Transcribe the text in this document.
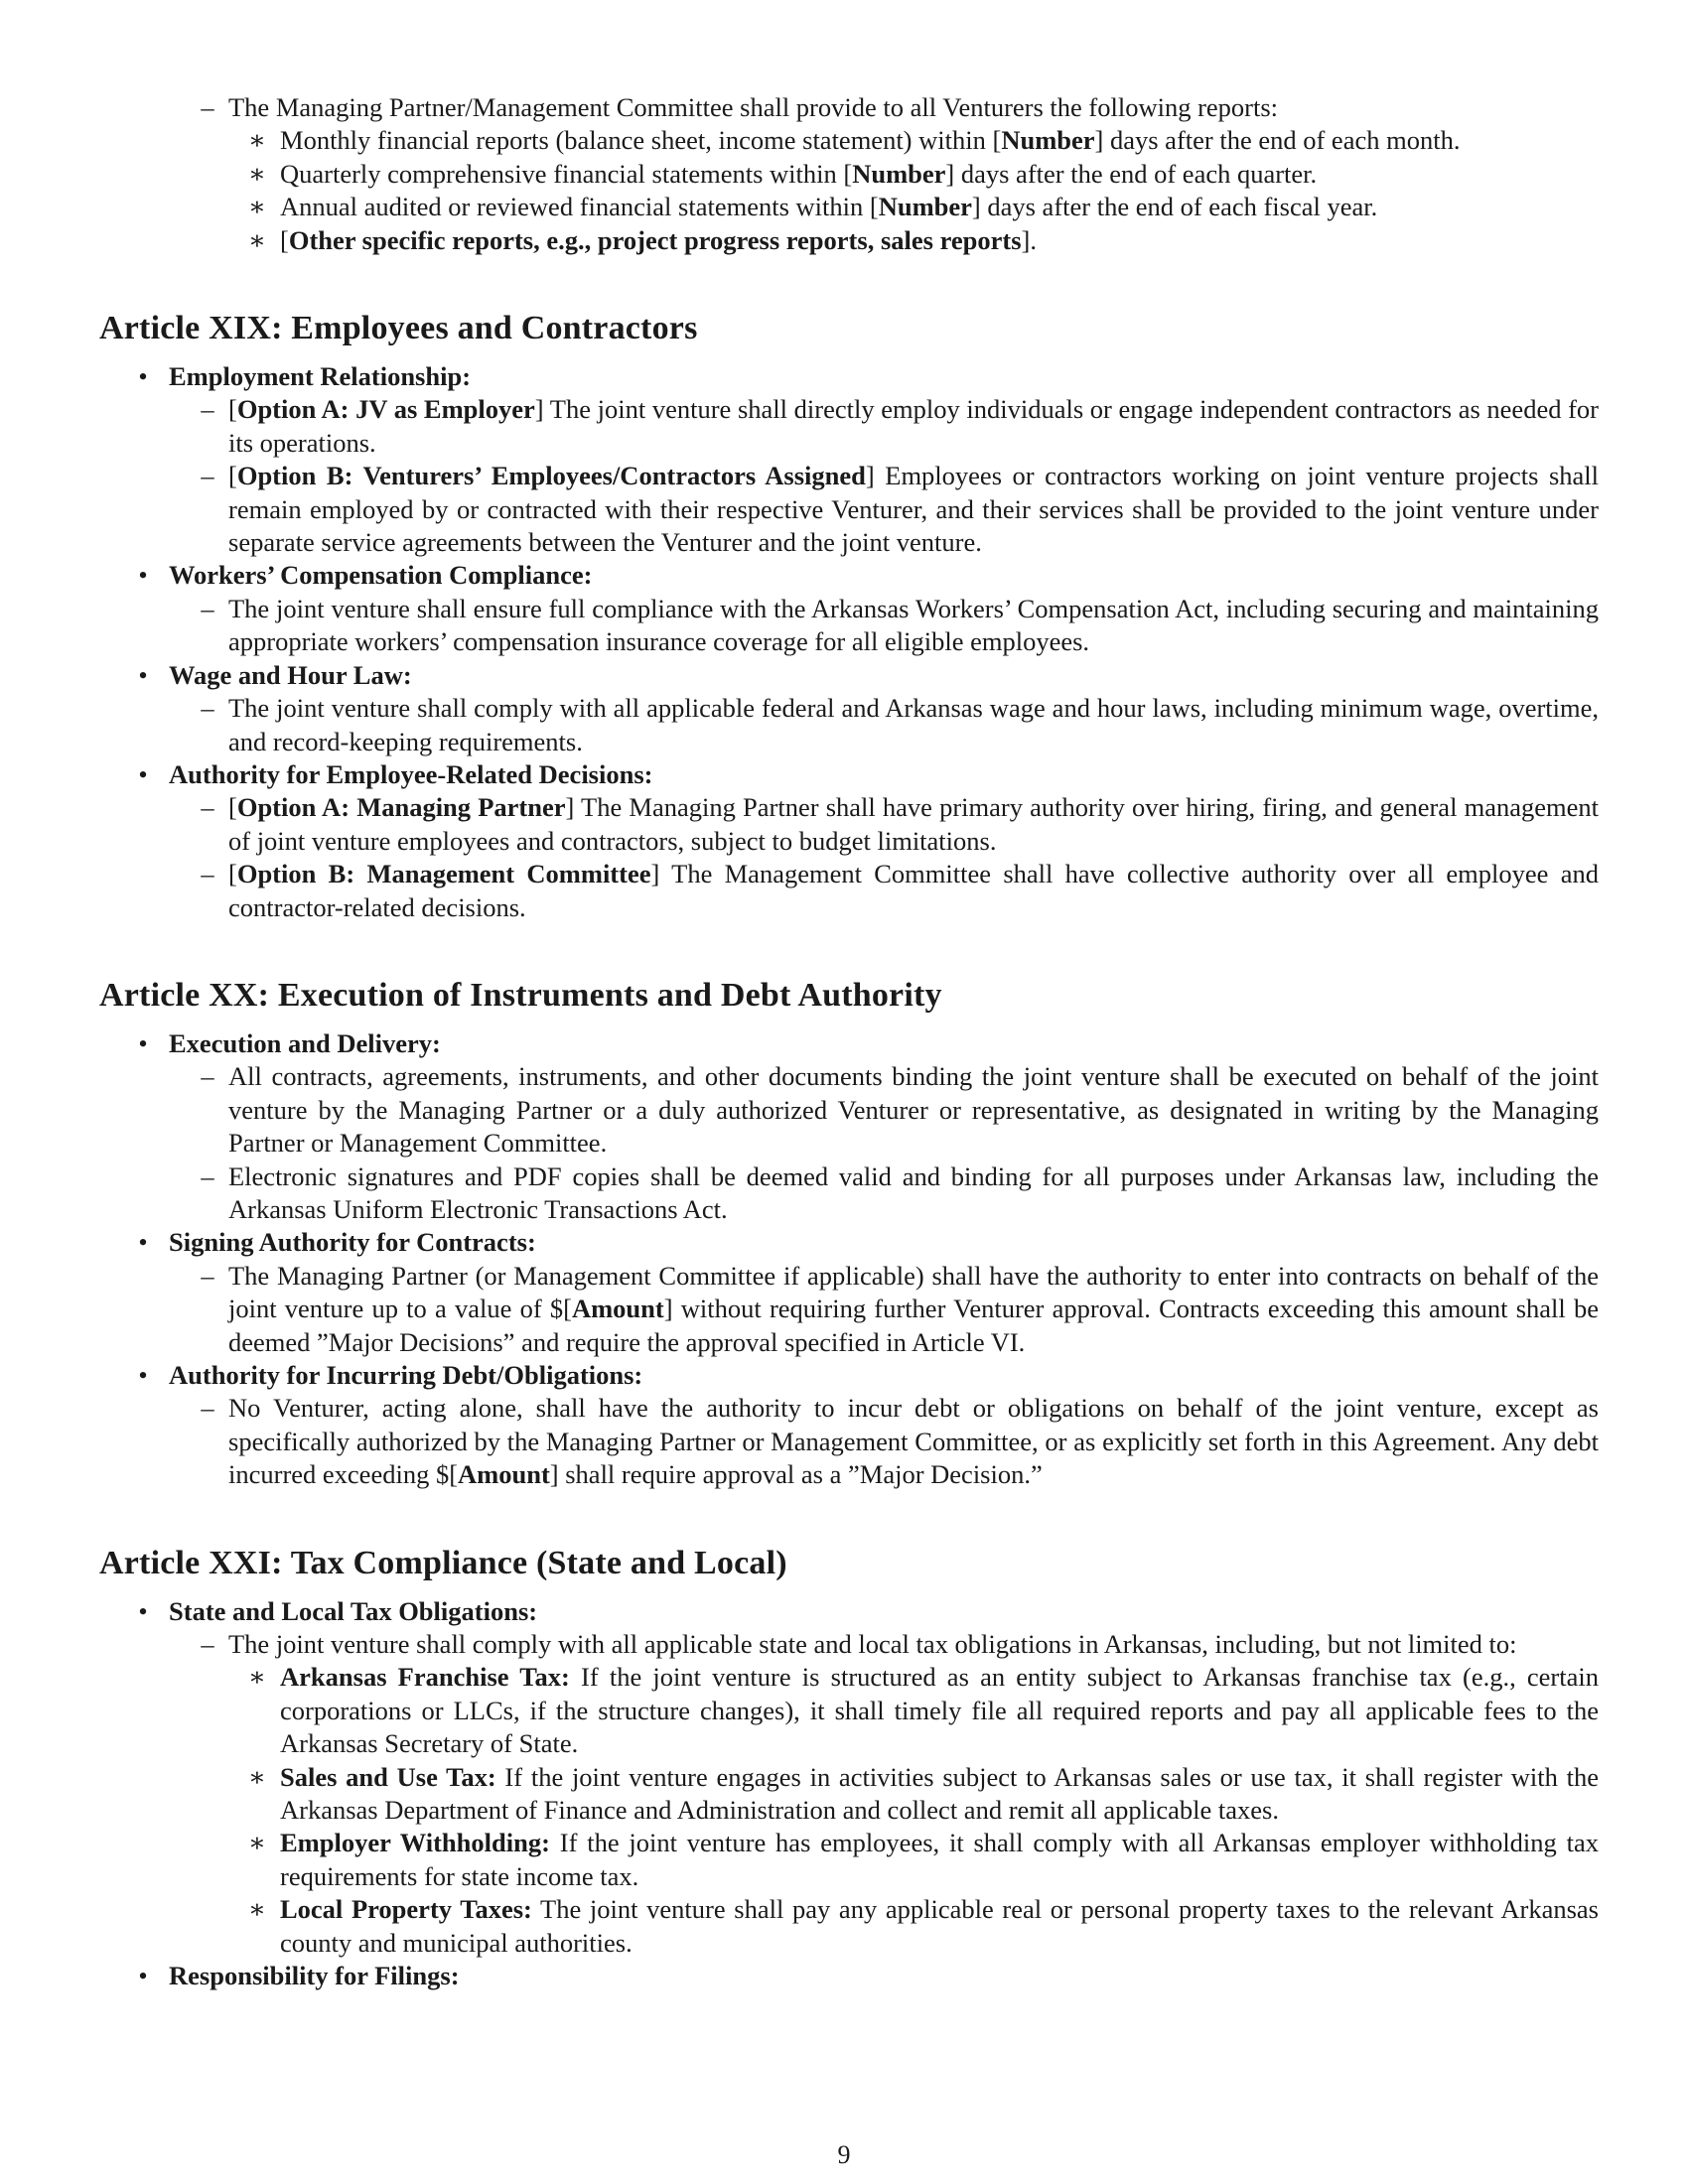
– The Managing Partner/Management Committee shall provide to all Venturers the following reports:
∗ Monthly financial reports (balance sheet, income statement) within [Number] days after the end of each month.
∗ Quarterly comprehensive financial statements within [Number] days after the end of each quarter.
∗ Annual audited or reviewed financial statements within [Number] days after the end of each fiscal year.
∗ [Other specific reports, e.g., project progress reports, sales reports].
Article XIX: Employees and Contractors
• Employment Relationship:
– [Option A: JV as Employer] The joint venture shall directly employ individuals or engage independent contractors as needed for its operations.
– [Option B: Venturers’ Employees/Contractors Assigned] Employees or contractors working on joint venture projects shall remain employed by or contracted with their respective Venturer, and their services shall be provided to the joint venture under separate service agreements between the Venturer and the joint venture.
• Workers’ Compensation Compliance:
– The joint venture shall ensure full compliance with the Arkansas Workers’ Compensation Act, including securing and maintaining appropriate workers’ compensation insurance coverage for all eligible employees.
• Wage and Hour Law:
– The joint venture shall comply with all applicable federal and Arkansas wage and hour laws, including minimum wage, overtime, and record-keeping requirements.
• Authority for Employee-Related Decisions:
– [Option A: Managing Partner] The Managing Partner shall have primary authority over hiring, firing, and general management of joint venture employees and contractors, subject to budget limitations.
– [Option B: Management Committee] The Management Committee shall have collective authority over all employee and contractor-related decisions.
Article XX: Execution of Instruments and Debt Authority
• Execution and Delivery:
– All contracts, agreements, instruments, and other documents binding the joint venture shall be executed on behalf of the joint venture by the Managing Partner or a duly authorized Venturer or representative, as designated in writing by the Managing Partner or Management Committee.
– Electronic signatures and PDF copies shall be deemed valid and binding for all purposes under Arkansas law, including the Arkansas Uniform Electronic Transactions Act.
• Signing Authority for Contracts:
– The Managing Partner (or Management Committee if applicable) shall have the authority to enter into contracts on behalf of the joint venture up to a value of $[Amount] without requiring further Venturer approval. Contracts exceeding this amount shall be deemed ”Major Decisions” and require the approval specified in Article VI.
• Authority for Incurring Debt/Obligations:
– No Venturer, acting alone, shall have the authority to incur debt or obligations on behalf of the joint venture, except as specifically authorized by the Managing Partner or Management Committee, or as explicitly set forth in this Agreement. Any debt incurred exceeding $[Amount] shall require approval as a ”Major Decision.”
Article XXI: Tax Compliance (State and Local)
• State and Local Tax Obligations:
– The joint venture shall comply with all applicable state and local tax obligations in Arkansas, including, but not limited to:
∗ Arkansas Franchise Tax: If the joint venture is structured as an entity subject to Arkansas franchise tax (e.g., certain corporations or LLCs, if the structure changes), it shall timely file all required reports and pay all applicable fees to the Arkansas Secretary of State.
∗ Sales and Use Tax: If the joint venture engages in activities subject to Arkansas sales or use tax, it shall register with the Arkansas Department of Finance and Administration and collect and remit all applicable taxes.
∗ Employer Withholding: If the joint venture has employees, it shall comply with all Arkansas employer withholding tax requirements for state income tax.
∗ Local Property Taxes: The joint venture shall pay any applicable real or personal property taxes to the relevant Arkansas county and municipal authorities.
• Responsibility for Filings:
9
